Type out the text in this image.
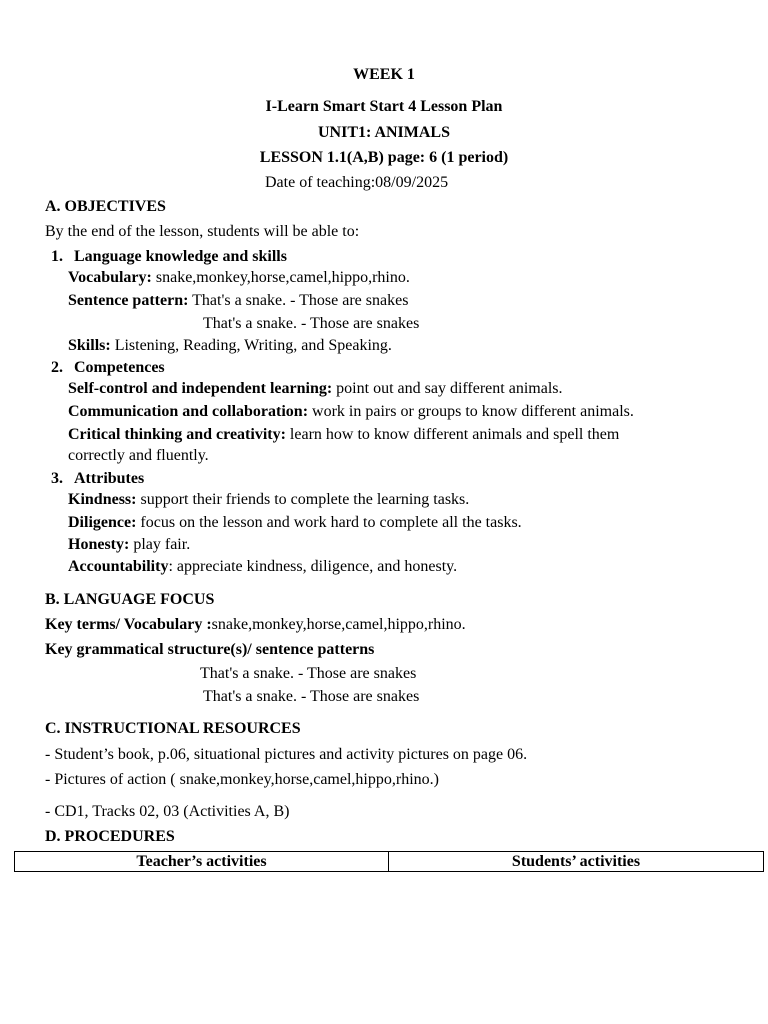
WEEK 1
I-Learn Smart Start 4 Lesson Plan
UNIT1: ANIMALS
LESSON 1.1(A,B) page: 6 (1 period)
Date of teaching:08/09/2025
A. OBJECTIVES
By the end of the lesson, students will be able to:
1. Language knowledge and skills
Vocabulary: snake,monkey,horse,camel,hippo,rhino.
Sentence pattern: That's a snake. - Those are snakes
That's a snake. - Those are snakes
Skills: Listening, Reading, Writing, and Speaking.
2. Competences
Self-control and independent learning: point out and say different animals.
Communication and collaboration: work in pairs or groups to know different animals.
Critical thinking and creativity: learn how to know different animals and spell them
correctly and fluently.
3. Attributes
Kindness: support their friends to complete the learning tasks.
Diligence: focus on the lesson and work hard to complete all the tasks.
Honesty: play fair.
Accountability: appreciate kindness, diligence, and honesty.
B. LANGUAGE FOCUS
Key terms/ Vocabulary :snake,monkey,horse,camel,hippo,rhino.
Key grammatical structure(s)/ sentence patterns
That's a snake. - Those are snakes
That's a snake. - Those are snakes
C. INSTRUCTIONAL RESOURCES
- Student’s book, p.06, situational pictures and activity pictures on page 06.
- Pictures of action ( snake,monkey,horse,camel,hippo,rhino.)
- CD1, Tracks 02, 03 (Activities A, B)
D. PROCEDURES
Teacher’s activities	Students’ activities
